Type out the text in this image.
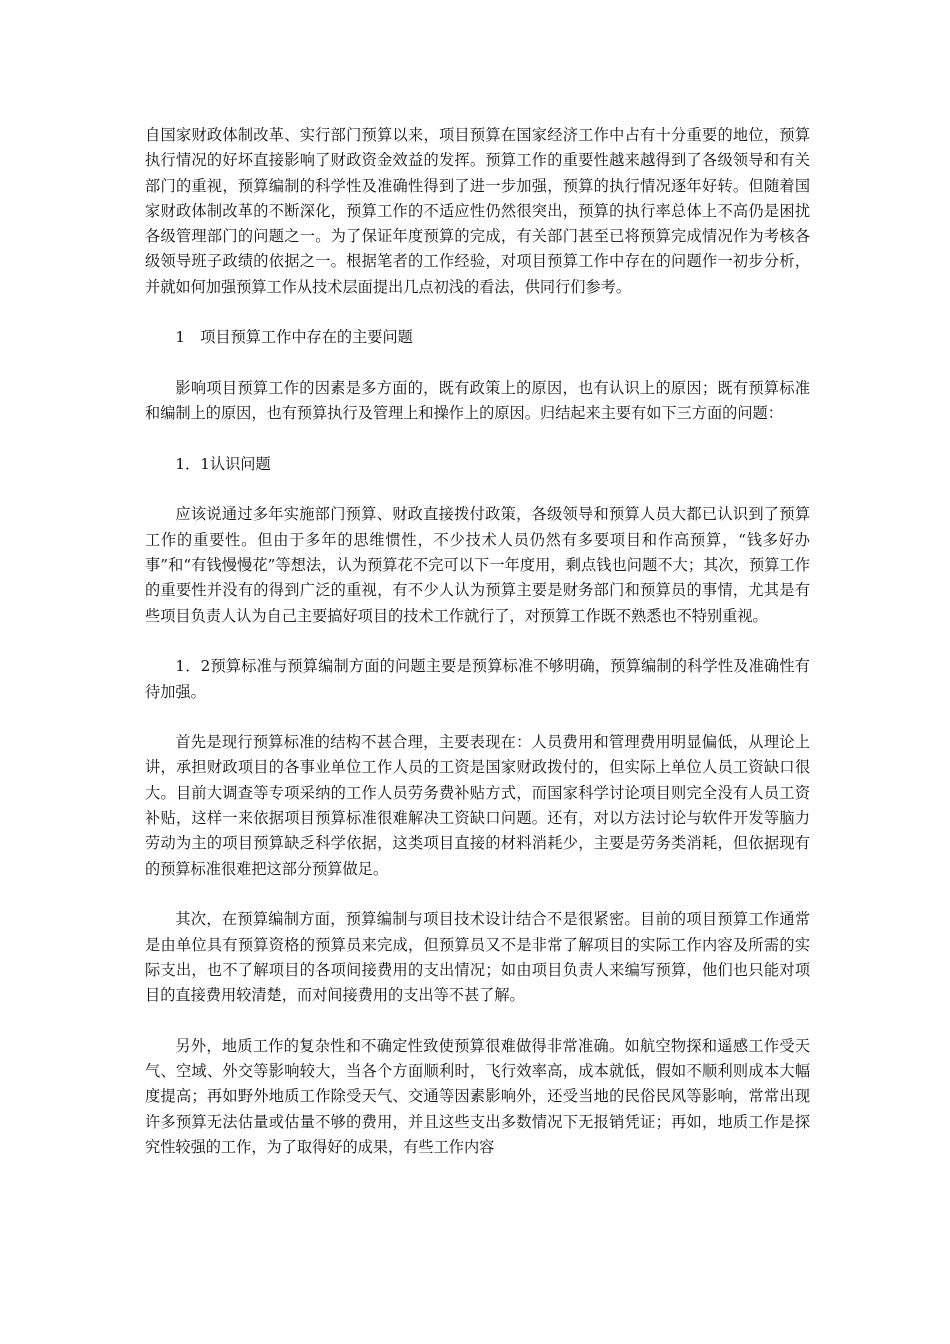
自国家财政体制改革、实行部门预算以来，项目预算在国家经济工作中占有十分重要的地位，预算执行情况的好坏直接影响了财政资金效益的发挥。预算工作的重要性越来越得到了各级领导和有关部门的重视，预算编制的科学性及准确性得到了进一步加强，预算的执行情况逐年好转。但随着国家财政体制改革的不断深化，预算工作的不适应性仍然很突出，预算的执行率总体上不高仍是困扰各级管理部门的问题之一。为了保证年度预算的完成，有关部门甚至已将预算完成情况作为考核各级领导班子政绩的依据之一。根据笔者的工作经验，对项目预算工作中存在的问题作一初步分析，并就如何加强预算工作从技术层面提出几点初浅的看法，供同行们参考。

1　项目预算工作中存在的主要问题

影响项目预算工作的因素是多方面的，既有政策上的原因，也有认识上的原因；既有预算标准和编制上的原因，也有预算执行及管理上和操作上的原因。归结起来主要有如下三方面的问题：

1．1认识问题

应该说通过多年实施部门预算、财政直接拨付政策，各级领导和预算人员大都已认识到了预算工作的重要性。但由于多年的思维惯性，不少技术人员仍然有多要项目和作高预算，“钱多好办事”和“有钱慢慢花”等想法，认为预算花不完可以下一年度用，剩点钱也问题不大；其次，预算工作的重要性并没有的得到广泛的重视，有不少人认为预算主要是财务部门和预算员的事情，尤其是有些项目负责人认为自己主要搞好项目的技术工作就行了，对预算工作既不熟悉也不特别重视。

1．2预算标准与预算编制方面的问题主要是预算标准不够明确，预算编制的科学性及准确性有待加强。

首先是现行预算标准的结构不甚合理，主要表现在：人员费用和管理费用明显偏低，从理论上讲，承担财政项目的各事业单位工作人员的工资是国家财政拨付的，但实际上单位人员工资缺口很大。目前大调查等专项采纳的工作人员劳务费补贴方式，而国家科学讨论项目则完全没有人员工资补贴，这样一来依据项目预算标准很难解决工资缺口问题。还有，对以方法讨论与软件开发等脑力劳动为主的项目预算缺乏科学依据，这类项目直接的材料消耗少，主要是劳务类消耗，但依据现有的预算标准很难把这部分预算做足。

其次，在预算编制方面，预算编制与项目技术设计结合不是很紧密。目前的项目预算工作通常是由单位具有预算资格的预算员来完成，但预算员又不是非常了解项目的实际工作内容及所需的实际支出，也不了解项目的各项间接费用的支出情况；如由项目负责人来编写预算，他们也只能对项目的直接费用较清楚，而对间接费用的支出等不甚了解。

另外，地质工作的复杂性和不确定性致使预算很难做得非常准确。如航空物探和遥感工作受天气、空域、外交等影响较大，当各个方面顺利时，飞行效率高，成本就低，假如不顺利则成本大幅度提高；再如野外地质工作除受天气、交通等因素影响外，还受当地的民俗民风等影响，常常出现许多预算无法估量或估量不够的费用，并且这些支出多数情况下无报销凭证；再如，地质工作是探究性较强的工作，为了取得好的成果，有些工作内容
